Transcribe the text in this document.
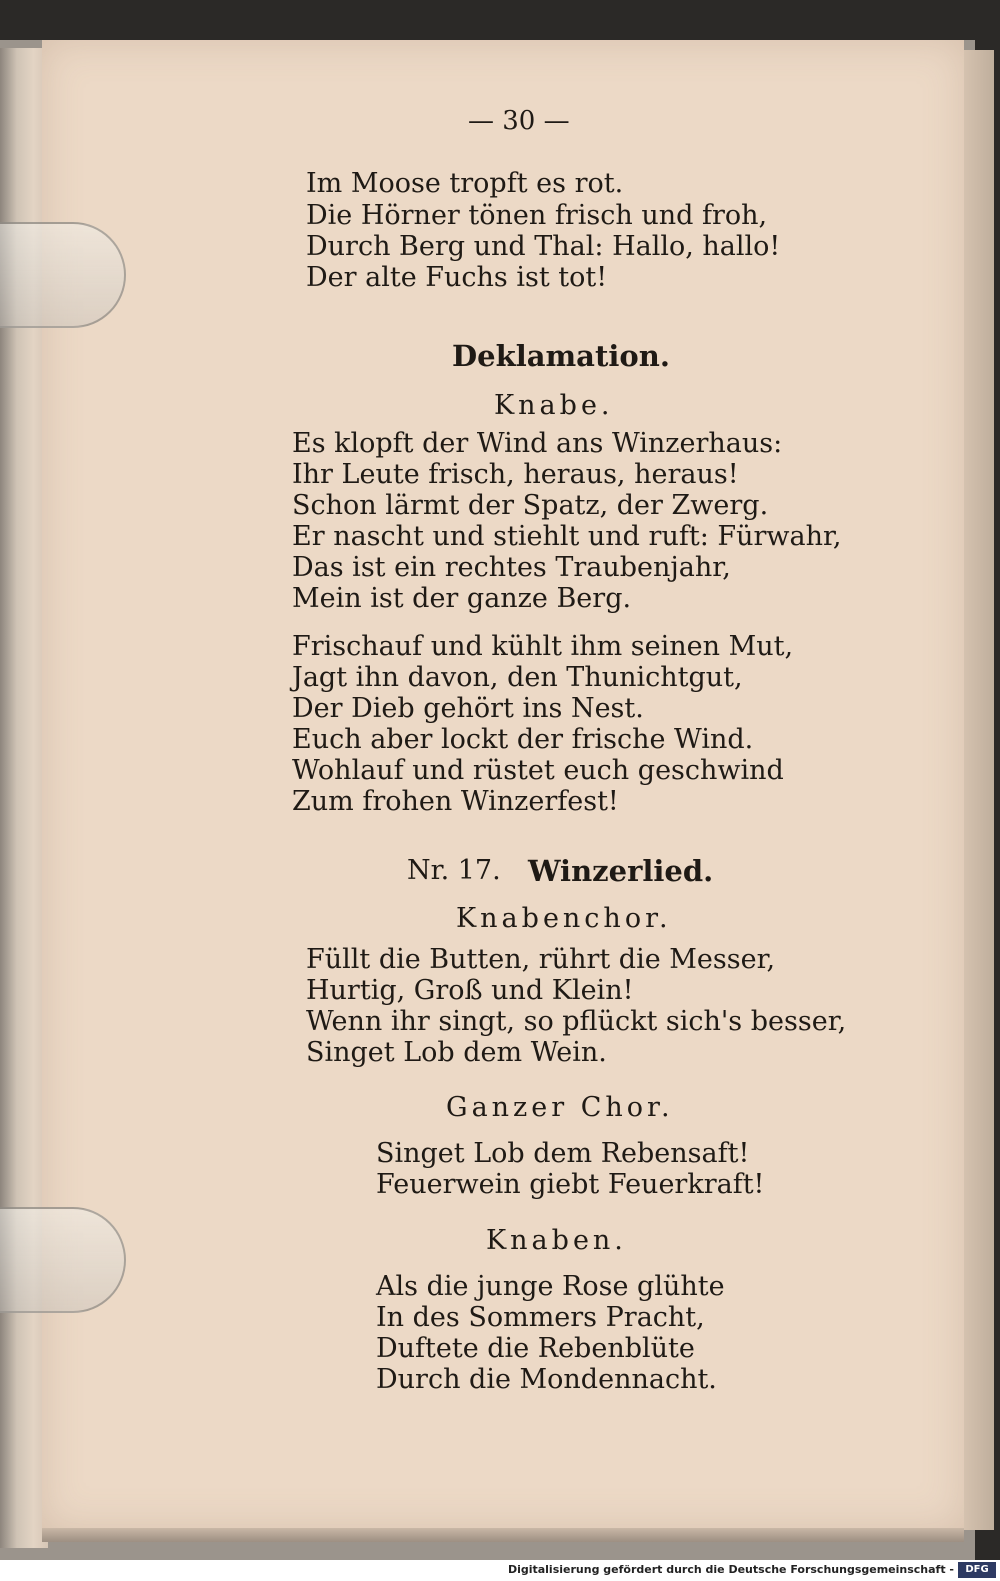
— 30 —
Im Moose tropft es rot.
Die Hörner tönen frisch und froh,
Durch Berg und Thal: Hallo, hallo!
Der alte Fuchs ist tot!
Deklamation.
Knabe.
Es klopft der Wind ans Winzerhaus:
Ihr Leute frisch, heraus, heraus!
Schon lärmt der Spatz, der Zwerg.
Er nascht und stiehlt und ruft: Fürwahr,
Das ist ein rechtes Traubenjahr,
Mein ist der ganze Berg.
Frischauf und kühlt ihm seinen Mut,
Jagt ihn davon, den Thunichtgut,
Der Dieb gehört ins Nest.
Euch aber lockt der frische Wind.
Wohlauf und rüstet euch geschwind
Zum frohen Winzerfest!
Nr. 17. Winzerlied.
Knabenchor.
Füllt die Butten, rührt die Messer,
Hurtig, Groß und Klein!
Wenn ihr singt, so pflückt sich's besser,
Singet Lob dem Wein.
Ganzer Chor.
Singet Lob dem Rebensaft!
Feuerwein giebt Feuerkraft!
Knaben.
Als die junge Rose glühte
In des Sommers Pracht,
Duftete die Rebenblüte
Durch die Mondennacht.
Digitalisierung gefördert durch die Deutsche Forschungsgemeinschaft -	DFG
